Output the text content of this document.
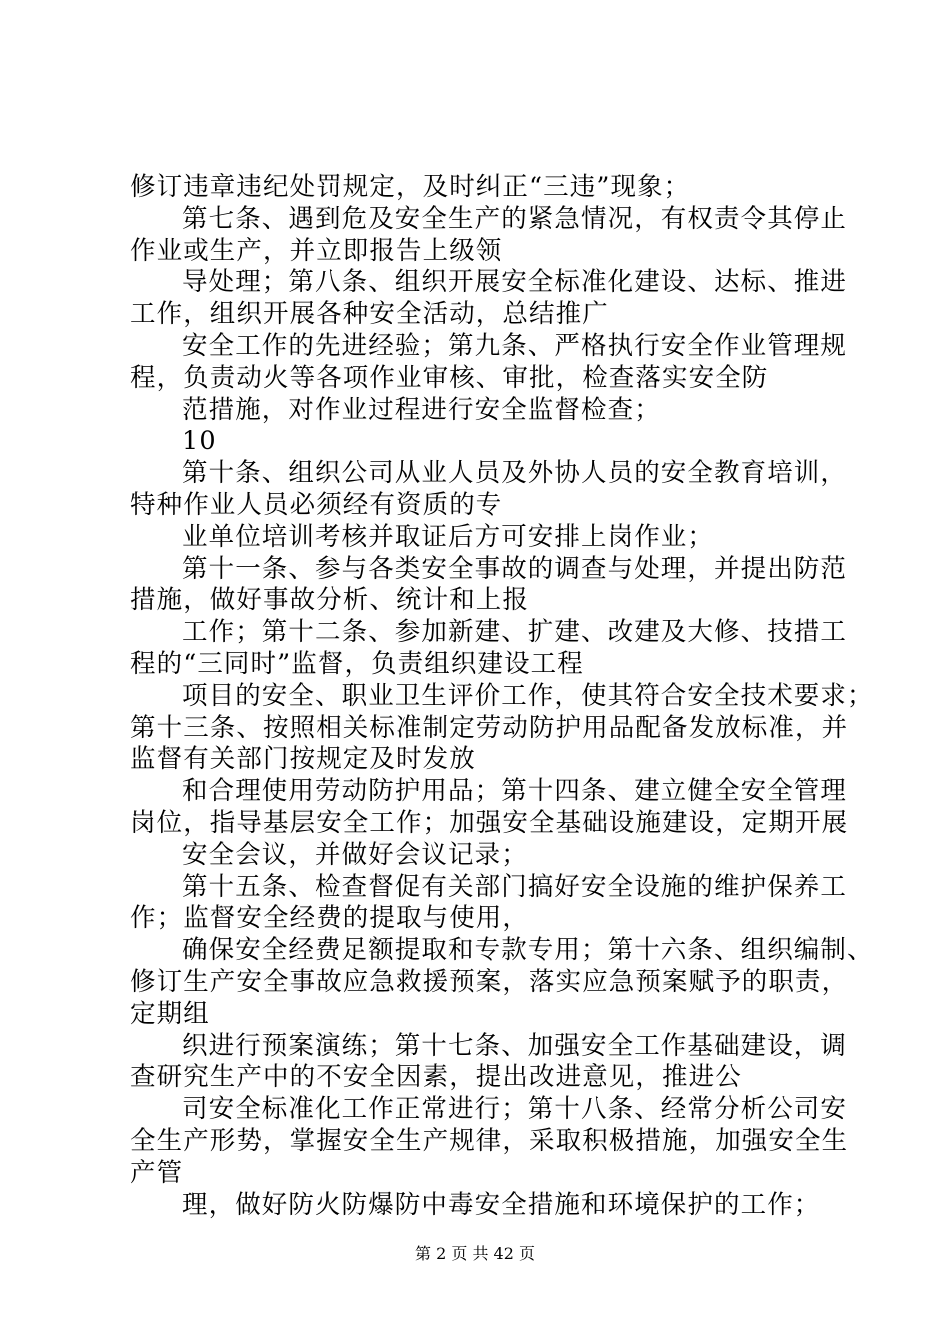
修订违章违纪处罚规定，及时纠正“三违”现象；
第七条、遇到危及安全生产的紧急情况，有权责令其停止
作业或生产，并立即报告上级领
导处理；第八条、组织开展安全标准化建设、达标、推进
工作，组织开展各种安全活动，总结推广
安全工作的先进经验；第九条、严格执行安全作业管理规
程，负责动火等各项作业审核、审批，检查落实安全防
范措施，对作业过程进行安全监督检查；
10
第十条、组织公司从业人员及外协人员的安全教育培训，
特种作业人员必须经有资质的专
业单位培训考核并取证后方可安排上岗作业；
第十一条、参与各类安全事故的调查与处理，并提出防范
措施，做好事故分析、统计和上报
工作；第十二条、参加新建、扩建、改建及大修、技措工
程的“三同时”监督，负责组织建设工程
项目的安全、职业卫生评价工作，使其符合安全技术要求；
第十三条、按照相关标准制定劳动防护用品配备发放标准，并
监督有关部门按规定及时发放
和合理使用劳动防护用品；第十四条、建立健全安全管理
岗位，指导基层安全工作；加强安全基础设施建设，定期开展
安全会议，并做好会议记录；
第十五条、检查督促有关部门搞好安全设施的维护保养工
作；监督安全经费的提取与使用，
确保安全经费足额提取和专款专用；第十六条、组织编制、
修订生产安全事故应急救援预案，落实应急预案赋予的职责，
定期组
织进行预案演练；第十七条、加强安全工作基础建设，调
查研究生产中的不安全因素，提出改进意见，推进公
司安全标准化工作正常进行；第十八条、经常分析公司安
全生产形势，掌握安全生产规律，采取积极措施，加强安全生
产管
理，做好防火防爆防中毒安全措施和环境保护的工作；
第 2 页 共 42 页
